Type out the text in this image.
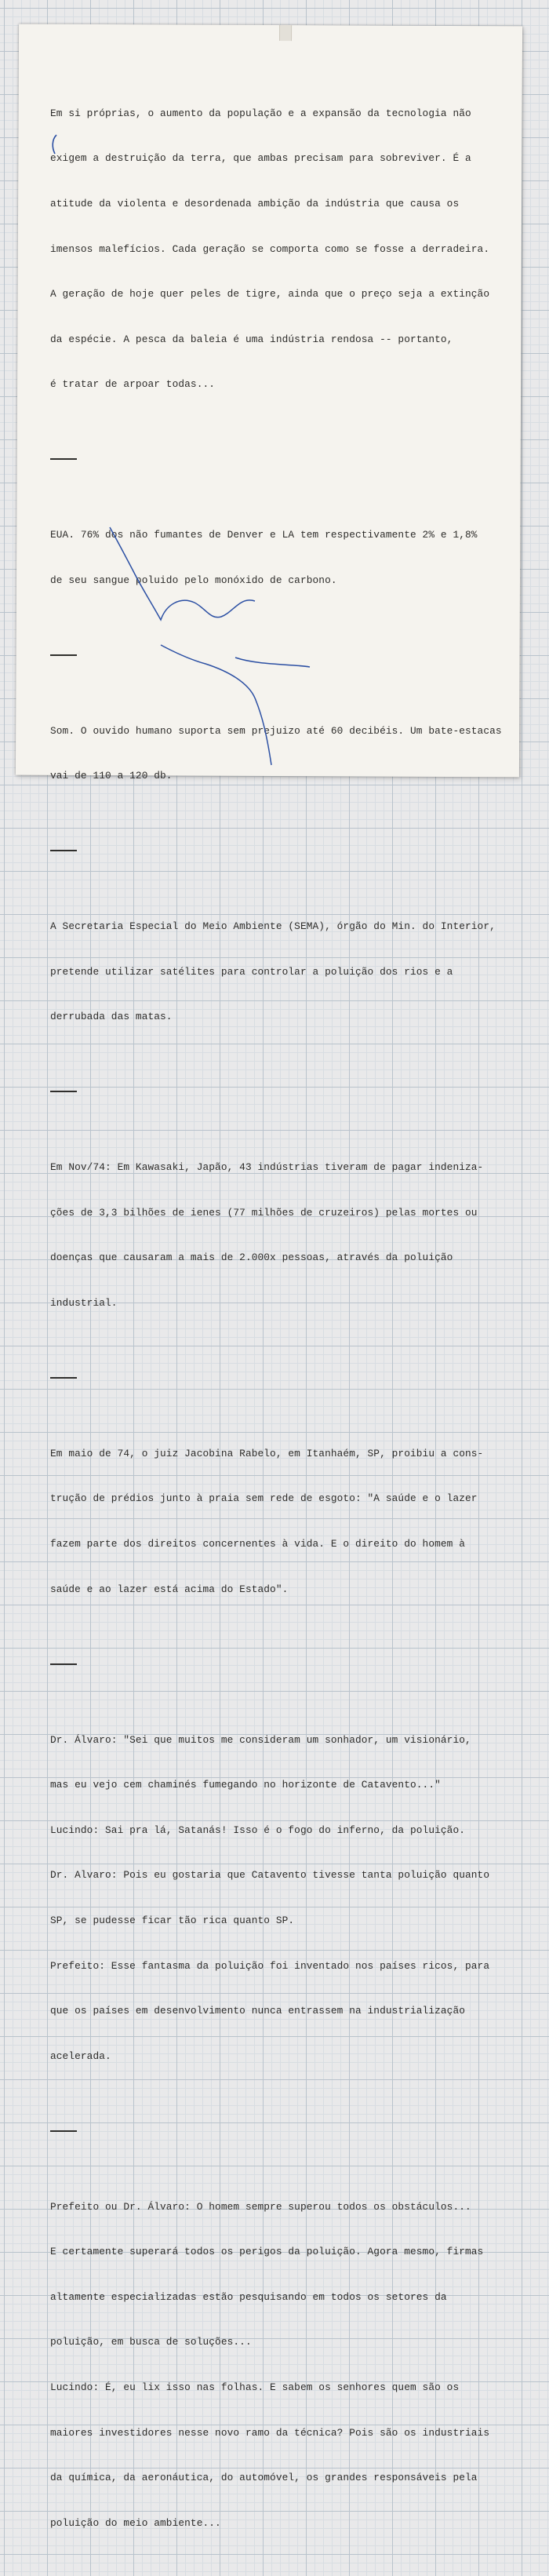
Em si próprias, o aumento da população e a expansão da tecnologia não

exigem a destruição da terra, que ambas precisam para sobreviver. É a

atitude da violenta e desordenada ambição da indústria que causa os

imensos malefícios. Cada geração se comporta como se fosse a derradeira.

A geração de hoje quer peles de tigre, ainda que o preço seja a extinção

da espécie. A pesca da baleia é uma indústria rendosa -- portanto,

é tratar de arpoar todas...

EUA. 76% dos não fumantes de Denver e LA tem respectivamente 2% e 1,8%

de seu sangue poluido pelo monóxido de carbono.

Som. O ouvido humano suporta sem prejuizo até 60 decibéis. Um bate-estacas

vai de 110 a 120 db.

A Secretaria Especial do Meio Ambiente (SEMA), órgão do Min. do Interior,

pretende utilizar satélites para controlar a poluição dos rios e a

derrubada das matas.

Em Nov/74: Em Kawasaki, Japão, 43 indústrias tiveram de pagar indeniza-

ções de 3,3 bilhões de ienes (77 milhões de cruzeiros) pelas mortes ou

doenças que causaram a mais de 2.000x pessoas, através da poluição

industrial.

Em maio de 74, o juiz Jacobina Rabelo, em Itanhaém, SP, proibiu a cons-

trução de prédios junto à praia sem rede de esgoto: "A saúde e o lazer

fazem parte dos direitos concernentes à vida. E o direito do homem à

saúde e ao lazer está acima do Estado".

Dr. Álvaro: "Sei que muitos me consideram um sonhador, um visionário,

mas eu vejo cem chaminés fumegando no horizonte de Catavento..."

Lucindo: Sai pra lá, Satanás! Isso é o fogo do inferno, da poluição.

Dr. Alvaro: Pois eu gostaria que Catavento tivesse tanta poluição quanto

SP, se pudesse ficar tão rica quanto SP.

Prefeito: Esse fantasma da poluição foi inventado nos países ricos, para

que os países em desenvolvimento nunca entrassem na industrialização

acelerada.

Prefeito ou Dr. Álvaro: O homem sempre superou todos os obstáculos...

E certamente superará todos os perigos da poluição. Agora mesmo, firmas

altamente especializadas estão pesquisando em todos os setores da

poluição, em busca de soluções...

Lucindo: É, eu lix isso nas folhas. E sabem os senhores quem são os

maiores investidores nesse novo ramo da técnica? Pois são os industriais

da química, da aeronáutica, do automóvel, os grandes responsáveis pela

poluição do meio ambiente...
